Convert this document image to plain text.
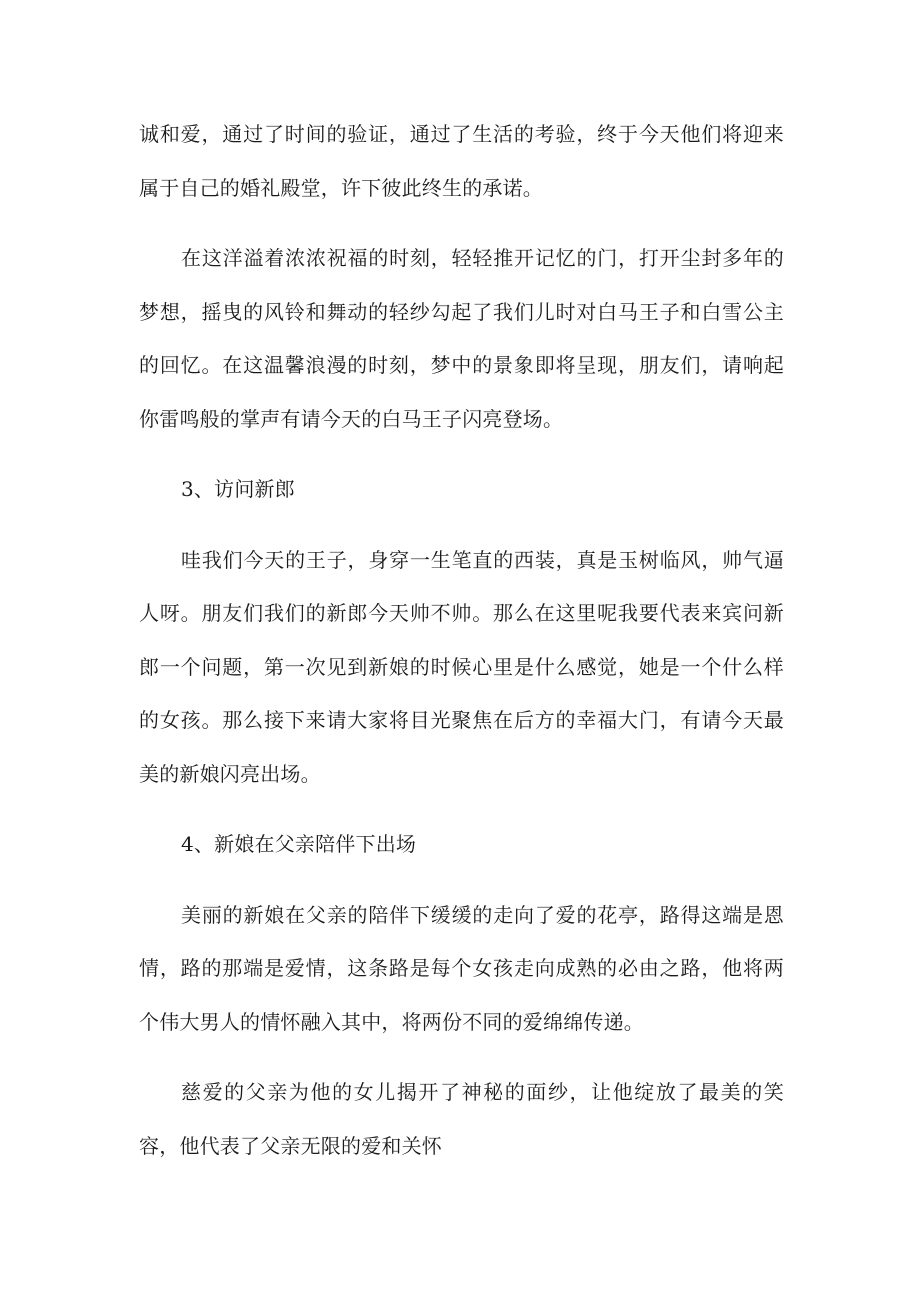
诚和爱，通过了时间的验证，通过了生活的考验，终于今天他们将迎来属于自己的婚礼殿堂，许下彼此终生的承诺。

在这洋溢着浓浓祝福的时刻，轻轻推开记忆的门，打开尘封多年的梦想，摇曳的风铃和舞动的轻纱勾起了我们儿时对白马王子和白雪公主的回忆。在这温馨浪漫的时刻，梦中的景象即将呈现，朋友们，请响起你雷鸣般的掌声有请今天的白马王子闪亮登场。

3、访问新郎

哇我们今天的王子，身穿一生笔直的西装，真是玉树临风，帅气逼人呀。朋友们我们的新郎今天帅不帅。那么在这里呢我要代表来宾问新郎一个问题，第一次见到新娘的时候心里是什么感觉，她是一个什么样的女孩。那么接下来请大家将目光聚焦在后方的幸福大门，有请今天最美的新娘闪亮出场。

4、新娘在父亲陪伴下出场

美丽的新娘在父亲的陪伴下缓缓的走向了爱的花亭，路得这端是恩情，路的那端是爱情，这条路是每个女孩走向成熟的必由之路，他将两个伟大男人的情怀融入其中，将两份不同的爱绵绵传递。

慈爱的父亲为他的女儿揭开了神秘的面纱，让他绽放了最美的笑容，他代表了父亲无限的爱和关怀
